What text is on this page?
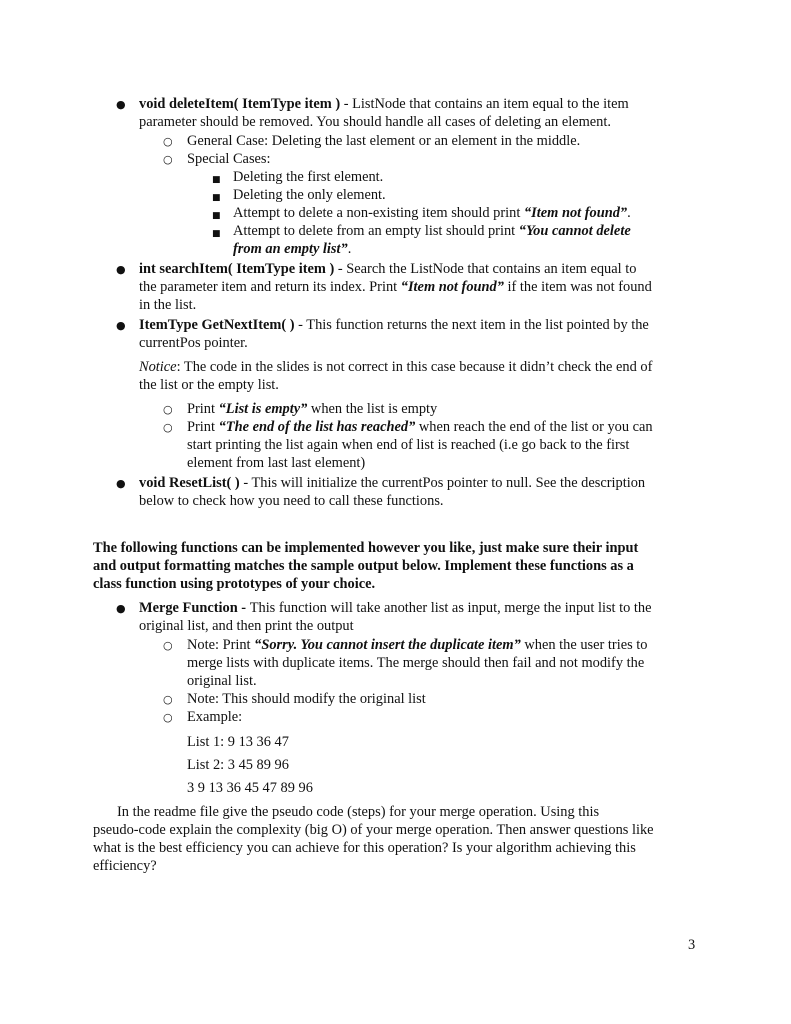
● void deleteItem( ItemType item ) - ListNode that contains an item equal to the item
parameter should be removed. You should handle all cases of deleting an element.
○ General Case: Deleting the last element or an element in the middle.
○ Special Cases:
■ Deleting the first element.
■ Deleting the only element.
■ Attempt to delete a non-existing item should print “Item not found”.
■ Attempt to delete from an empty list should print “You cannot delete
from an empty list”.
● int searchItem( ItemType item ) - Search the ListNode that contains an item equal to
the parameter item and return its index. Print “Item not found” if the item was not found
in the list.
● ItemType GetNextItem( ) - This function returns the next item in the list pointed by the
currentPos pointer.
Notice: The code in the slides is not correct in this case because it didn’t check the end of
the list or the empty list.
○ Print “List is empty” when the list is empty
○ Print “The end of the list has reached” when reach the end of the list or you can
start printing the list again when end of list is reached (i.e go back to the first
element from last last element)
● void ResetList( ) - This will initialize the currentPos pointer to null. See the description
below to check how you need to call these functions.
The following functions can be implemented however you like, just make sure their input
and output formatting matches the sample output below. Implement these functions as a
class function using prototypes of your choice.
● Merge Function - This function will take another list as input, merge the input list to the
original list, and then print the output
○ Note: Print “Sorry. You cannot insert the duplicate item” when the user tries to
merge lists with duplicate items. The merge should then fail and not modify the
original list.
○ Note: This should modify the original list
○ Example:
List 1: 9 13 36 47
List 2: 3 45 89 96
3 9 13 36 45 47 89 96
In the readme file give the pseudo code (steps) for your merge operation. Using this
pseudo-code explain the complexity (big O) of your merge operation. Then answer questions like
what is the best efficiency you can achieve for this operation? Is your algorithm achieving this
efficiency?
3
